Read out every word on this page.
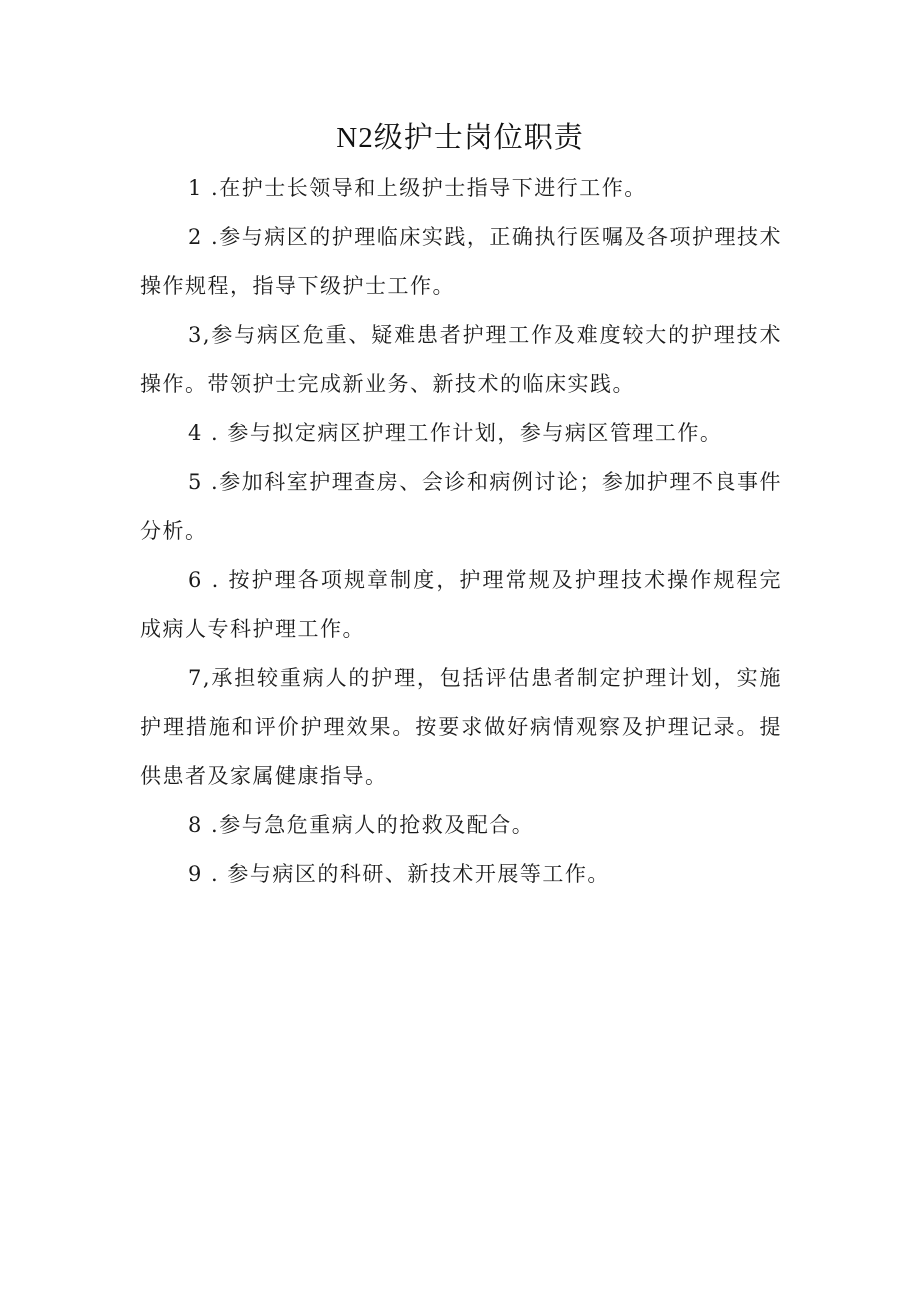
N2级护士岗位职责

1 .在护士长领导和上级护士指导下进行工作。

2 .参与病区的护理临床实践，正确执行医嘱及各项护理技术操作规程，指导下级护士工作。

3,参与病区危重、疑难患者护理工作及难度较大的护理技术操作。带领护士完成新业务、新技术的临床实践。

4 . 参与拟定病区护理工作计划，参与病区管理工作。

5 .参加科室护理查房、会诊和病例讨论；参加护理不良事件分析。

6 . 按护理各项规章制度，护理常规及护理技术操作规程完成病人专科护理工作。

7,承担较重病人的护理，包括评估患者制定护理计划，实施护理措施和评价护理效果。按要求做好病情观察及护理记录。提供患者及家属健康指导。

8 .参与急危重病人的抢救及配合。

9 . 参与病区的科研、新技术开展等工作。
